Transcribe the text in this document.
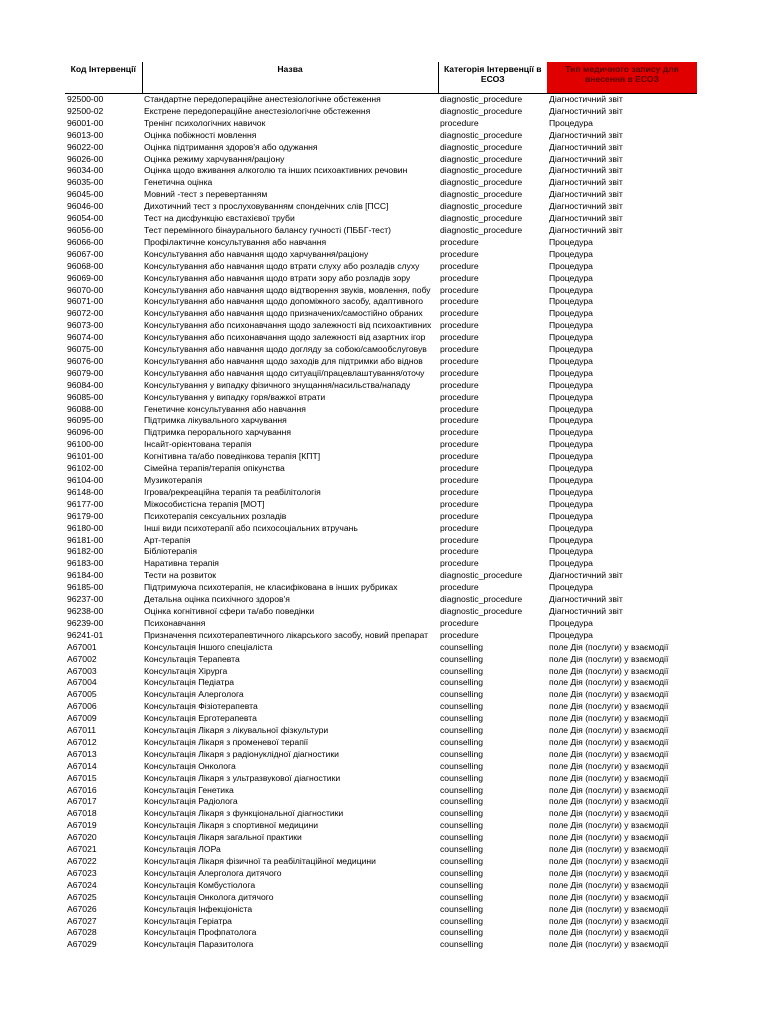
Код Інтервенції	Назва	Категорія Інтервенції в ЕСОЗ	Тип медичного запису для внесення в ЕСОЗ

92500-00	Стандартне передопераційне анестезіологічне обстеження	diagnostic_procedure	Діагностичний звіт
92500-02	Екстрене передопераційне анестезіологічне обстеження	diagnostic_procedure	Діагностичний звіт
96001-00	Тренінг психологічних навичок	procedure	Процедура
96013-00	Оцінка побіжності мовлення	diagnostic_procedure	Діагностичний звіт
96022-00	Оцінка підтримання здоров'я або одужання	diagnostic_procedure	Діагностичний звіт
96026-00	Оцінка режиму харчування/рацiону	diagnostic_procedure	Діагностичний звіт
96034-00	Оцінка щодо вживання алкоголю та інших психоактивних речовин	diagnostic_procedure	Діагностичний звіт
96035-00	Генетична оцінка	diagnostic_procedure	Діагностичний звіт
96045-00	Мовний -тест з перевертанням	diagnostic_procedure	Діагностичний звіт
96046-00	Дихотичний тест з прослуховуванням спондеічних слів [ПСС]	diagnostic_procedure	Діагностичний звіт
96054-00	Тест на дисфункцію євстахієвої труби	diagnostic_procedure	Діагностичний звіт
96056-00	Тест перемінного бінаурального балансу гучності (ПББГ-тест)	diagnostic_procedure	Діагностичний звіт
96066-00	Профілактичне консультування або навчання	procedure	Процедура
96067-00	Консультування або навчання щодо харчування/рацiону	procedure	Процедура
96068-00	Консультування або навчання щодо втрати слуху або розладів слуху	procedure	Процедура
96069-00	Консультування або навчання щодо втрати зору або розладів зору	procedure	Процедура
96070-00	Консультування або навчання щодо відтворення звуків, мовлення, побу	procedure	Процедура
96071-00	Консультування або навчання щодо допоміжного засобу, адаптивного	procedure	Процедура
96072-00	Консультування або навчання щодо призначених/самостійно обраних	procedure	Процедура
96073-00	Консультування або психонавчання щодо залежності від психоактивних	procedure	Процедура
96074-00	Консультування або психонавчання щодо залежності від азартних ігор	procedure	Процедура
96075-00	Консультування або навчання щодо догляду за собою/самообслуговув	procedure	Процедура
96076-00	Консультування або навчання щодо заходів для підтримки або віднов	procedure	Процедура
96079-00	Консультування або навчання щодо ситуації/працевлаштування/оточу	procedure	Процедура
96084-00	Консультування у випадку фізичного знущання/насильства/нападу	procedure	Процедура
96085-00	Консультування у випадку горя/важкої втрати	procedure	Процедура
96088-00	Генетичне консультування або навчання	procedure	Процедура
96095-00	Підтримка лікувального харчування	procedure	Процедура
96096-00	Підтримка перорального харчування	procedure	Процедура
96100-00	Інсайт-орієнтована терапія	procedure	Процедура
96101-00	Когнітивна та/або поведінкова терапія [КПТ]	procedure	Процедура
96102-00	Сімейна терапія/терапія опікунства	procedure	Процедура
96104-00	Музикотерапія	procedure	Процедура
96148-00	Ігрова/рекреаційна терапія та реабілітологія	procedure	Процедура
96177-00	Міжособистісна терапія [МОТ]	procedure	Процедура
96179-00	Психотерапія сексуальних розладів	procedure	Процедура
96180-00	Інші види психотерапії або психосоціальних втручань	procedure	Процедура
96181-00	Арт-терапія	procedure	Процедура
96182-00	Бібліотерапія	procedure	Процедура
96183-00	Наративна терапія	procedure	Процедура
96184-00	Тести на розвиток	diagnostic_procedure	Діагностичний звіт
96185-00	Підтримуюча психотерапія, не класифікована в інших рубриках	procedure	Процедура
96237-00	Детальна оцінка психічного здоров'я	diagnostic_procedure	Діагностичний звіт
96238-00	Оцінка когнітивної сфери та/або поведінки	diagnostic_procedure	Діагностичний звіт
96239-00	Психонавчання	procedure	Процедура
96241-01	Призначення психотерапевтичного лікарського засобу, новий препарат	procedure	Процедура
A67001	Консультація Іншого спеціаліста	counselling	поле Дія (послуги) у взаємодії
A67002	Консультація Терапевта	counselling	поле Дія (послуги) у взаємодії
A67003	Консультація Хірурга	counselling	поле Дія (послуги) у взаємодії
A67004	Консультація Педіатра	counselling	поле Дія (послуги) у взаємодії
A67005	Консультація Алерголога	counselling	поле Дія (послуги) у взаємодії
A67006	Консультація Фізіотерапевта	counselling	поле Дія (послуги) у взаємодії
A67009	Консультація Ерготерапевта	counselling	поле Дія (послуги) у взаємодії
A67011	Консультація Лікаря з лікувальної фізкультури	counselling	поле Дія (послуги) у взаємодії
A67012	Консультація Лікаря з променевої терапії	counselling	поле Дія (послуги) у взаємодії
A67013	Консультація Лікаря з радіонуклідної діагностики	counselling	поле Дія (послуги) у взаємодії
A67014	Консультація Онколога	counselling	поле Дія (послуги) у взаємодії
A67015	Консультація Лікаря з ультразвукової діагностики	counselling	поле Дія (послуги) у взаємодії
A67016	Консультація Генетика	counselling	поле Дія (послуги) у взаємодії
A67017	Консультація Радіолога	counselling	поле Дія (послуги) у взаємодії
A67018	Консультація Лікаря з функціональної діагностики	counselling	поле Дія (послуги) у взаємодії
A67019	Консультація Лікаря з спортивної медицини	counselling	поле Дія (послуги) у взаємодії
A67020	Консультація Лікаря загальної практики	counselling	поле Дія (послуги) у взаємодії
A67021	Консультація ЛОРа	counselling	поле Дія (послуги) у взаємодії
A67022	Консультація Лікаря фізичної та реабілітаційної медицини	counselling	поле Дія (послуги) у взаємодії
A67023	Консультація Алерголога дитячого	counselling	поле Дія (послуги) у взаємодії
A67024	Консультація Комбустіолога	counselling	поле Дія (послуги) у взаємодії
A67025	Консультація Онколога дитячого	counselling	поле Дія (послуги) у взаємодії
A67026	Консультація Інфекціоніста	counselling	поле Дія (послуги) у взаємодії
A67027	Консультація Геріатра	counselling	поле Дія (послуги) у взаємодії
A67028	Консультація Профпатолога	counselling	поле Дія (послуги) у взаємодії
A67029	Консультація Паразитолога	counselling	поле Дія (послуги) у взаємодії
